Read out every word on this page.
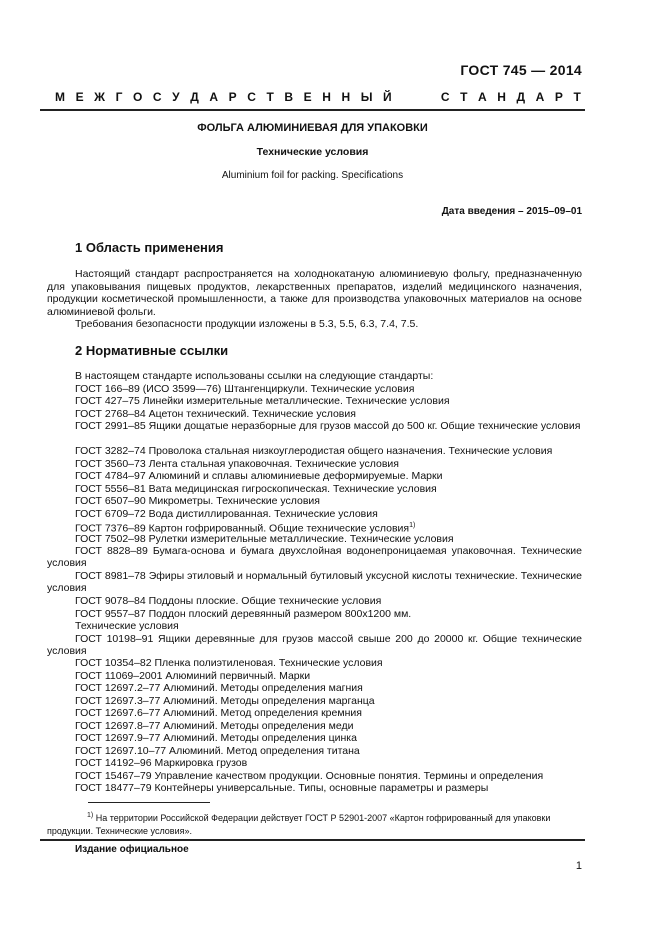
ГОСТ 745 — 2014
М Е Ж Г О С У Д А Р С Т В Е Н Н Ы Й	С Т А Н Д А Р Т
ФОЛЬГА АЛЮМИНИЕВАЯ ДЛЯ УПАКОВКИ
Технические условия
Aluminium foil for packing. Specifications
Дата введения – 2015–09–01
1 Область применения

Настоящий стандарт распространяется на холоднокатаную алюминиевую фольгу, предназначенную для упаковывания пищевых продуктов, лекарственных препаратов, изделий медицинского назначения, продукции косметической промышленности, а также для производства упаковочных материалов на основе алюминиевой фольги.

Требования безопасности продукции изложены в 5.3, 5.5, 6.3, 7.4, 7.5.

2 Нормативные ссылки
В настоящем стандарте использованы ссылки на следующие стандарты:
ГОСТ 166–89 (ИСО 3599—76) Штангенциркули. Технические условия
ГОСТ 427–75 Линейки измерительные металлические. Технические условия
ГОСТ 2768–84 Ацетон технический. Технические условия

ГОСТ 2991–85 Ящики дощатые неразборные для грузов массой до 500 кг. Общие технические условия

ГОСТ 3282–74 Проволока стальная низкоуглеродистая общего назначения. Технические условия
ГОСТ 3560–73 Лента стальная упаковочная. Технические условия
ГОСТ 4784–97 Алюминий и сплавы алюминиевые деформируемые. Марки
ГОСТ 5556–81 Вата медицинская гигроскопическая. Технические условия
ГОСТ 6507–90 Микрометры. Технические условия
ГОСТ 6709–72 Вода дистиллированная. Технические условия
ГОСТ 7376–89 Картон гофрированный. Общие технические условия$^{1)}$
ГОСТ 7502–98 Рулетки измерительные металлические. Технические условия

ГОСТ 8828–89 Бумага-основа и бумага двухслойная водонепроницаемая упаковочная. Технические условия

ГОСТ 8981–78 Эфиры этиловый и нормальный бутиловый уксусной кислоты технические. Технические условия

ГОСТ 9078–84 Поддоны плоские. Общие технические условия
ГОСТ 9557–87 Поддон плоский деревянный размером 800х1200 мм.
Технические условия

ГОСТ 10198–91 Ящики деревянные для грузов массой свыше 200 до 20000 кг. Общие технические условия

ГОСТ 10354–82 Пленка полиэтиленовая. Технические условия
ГОСТ 11069–2001 Алюминий первичный. Марки
ГОСТ 12697.2–77 Алюминий. Методы определения магния
ГОСТ 12697.3–77 Алюминий. Методы определения марганца
ГОСТ 12697.6–77 Алюминий. Метод определения кремния
ГОСТ 12697.8–77 Алюминий. Методы определения меди
ГОСТ 12697.9–77 Алюминий. Методы определения цинка
ГОСТ 12697.10–77 Алюминий. Метод определения титана
ГОСТ 14192–96 Маркировка грузов
ГОСТ 15467–79 Управление качеством продукции. Основные понятия. Термины и определения
ГОСТ 18477–79 Контейнеры универсальные. Типы, основные параметры и размеры

$^{1)}$ На территории Российской Федерации действует ГОСТ Р 52901-2007 «Картон гофрированный для упаковки продукции. Технические условия».

Издание официальное
1
